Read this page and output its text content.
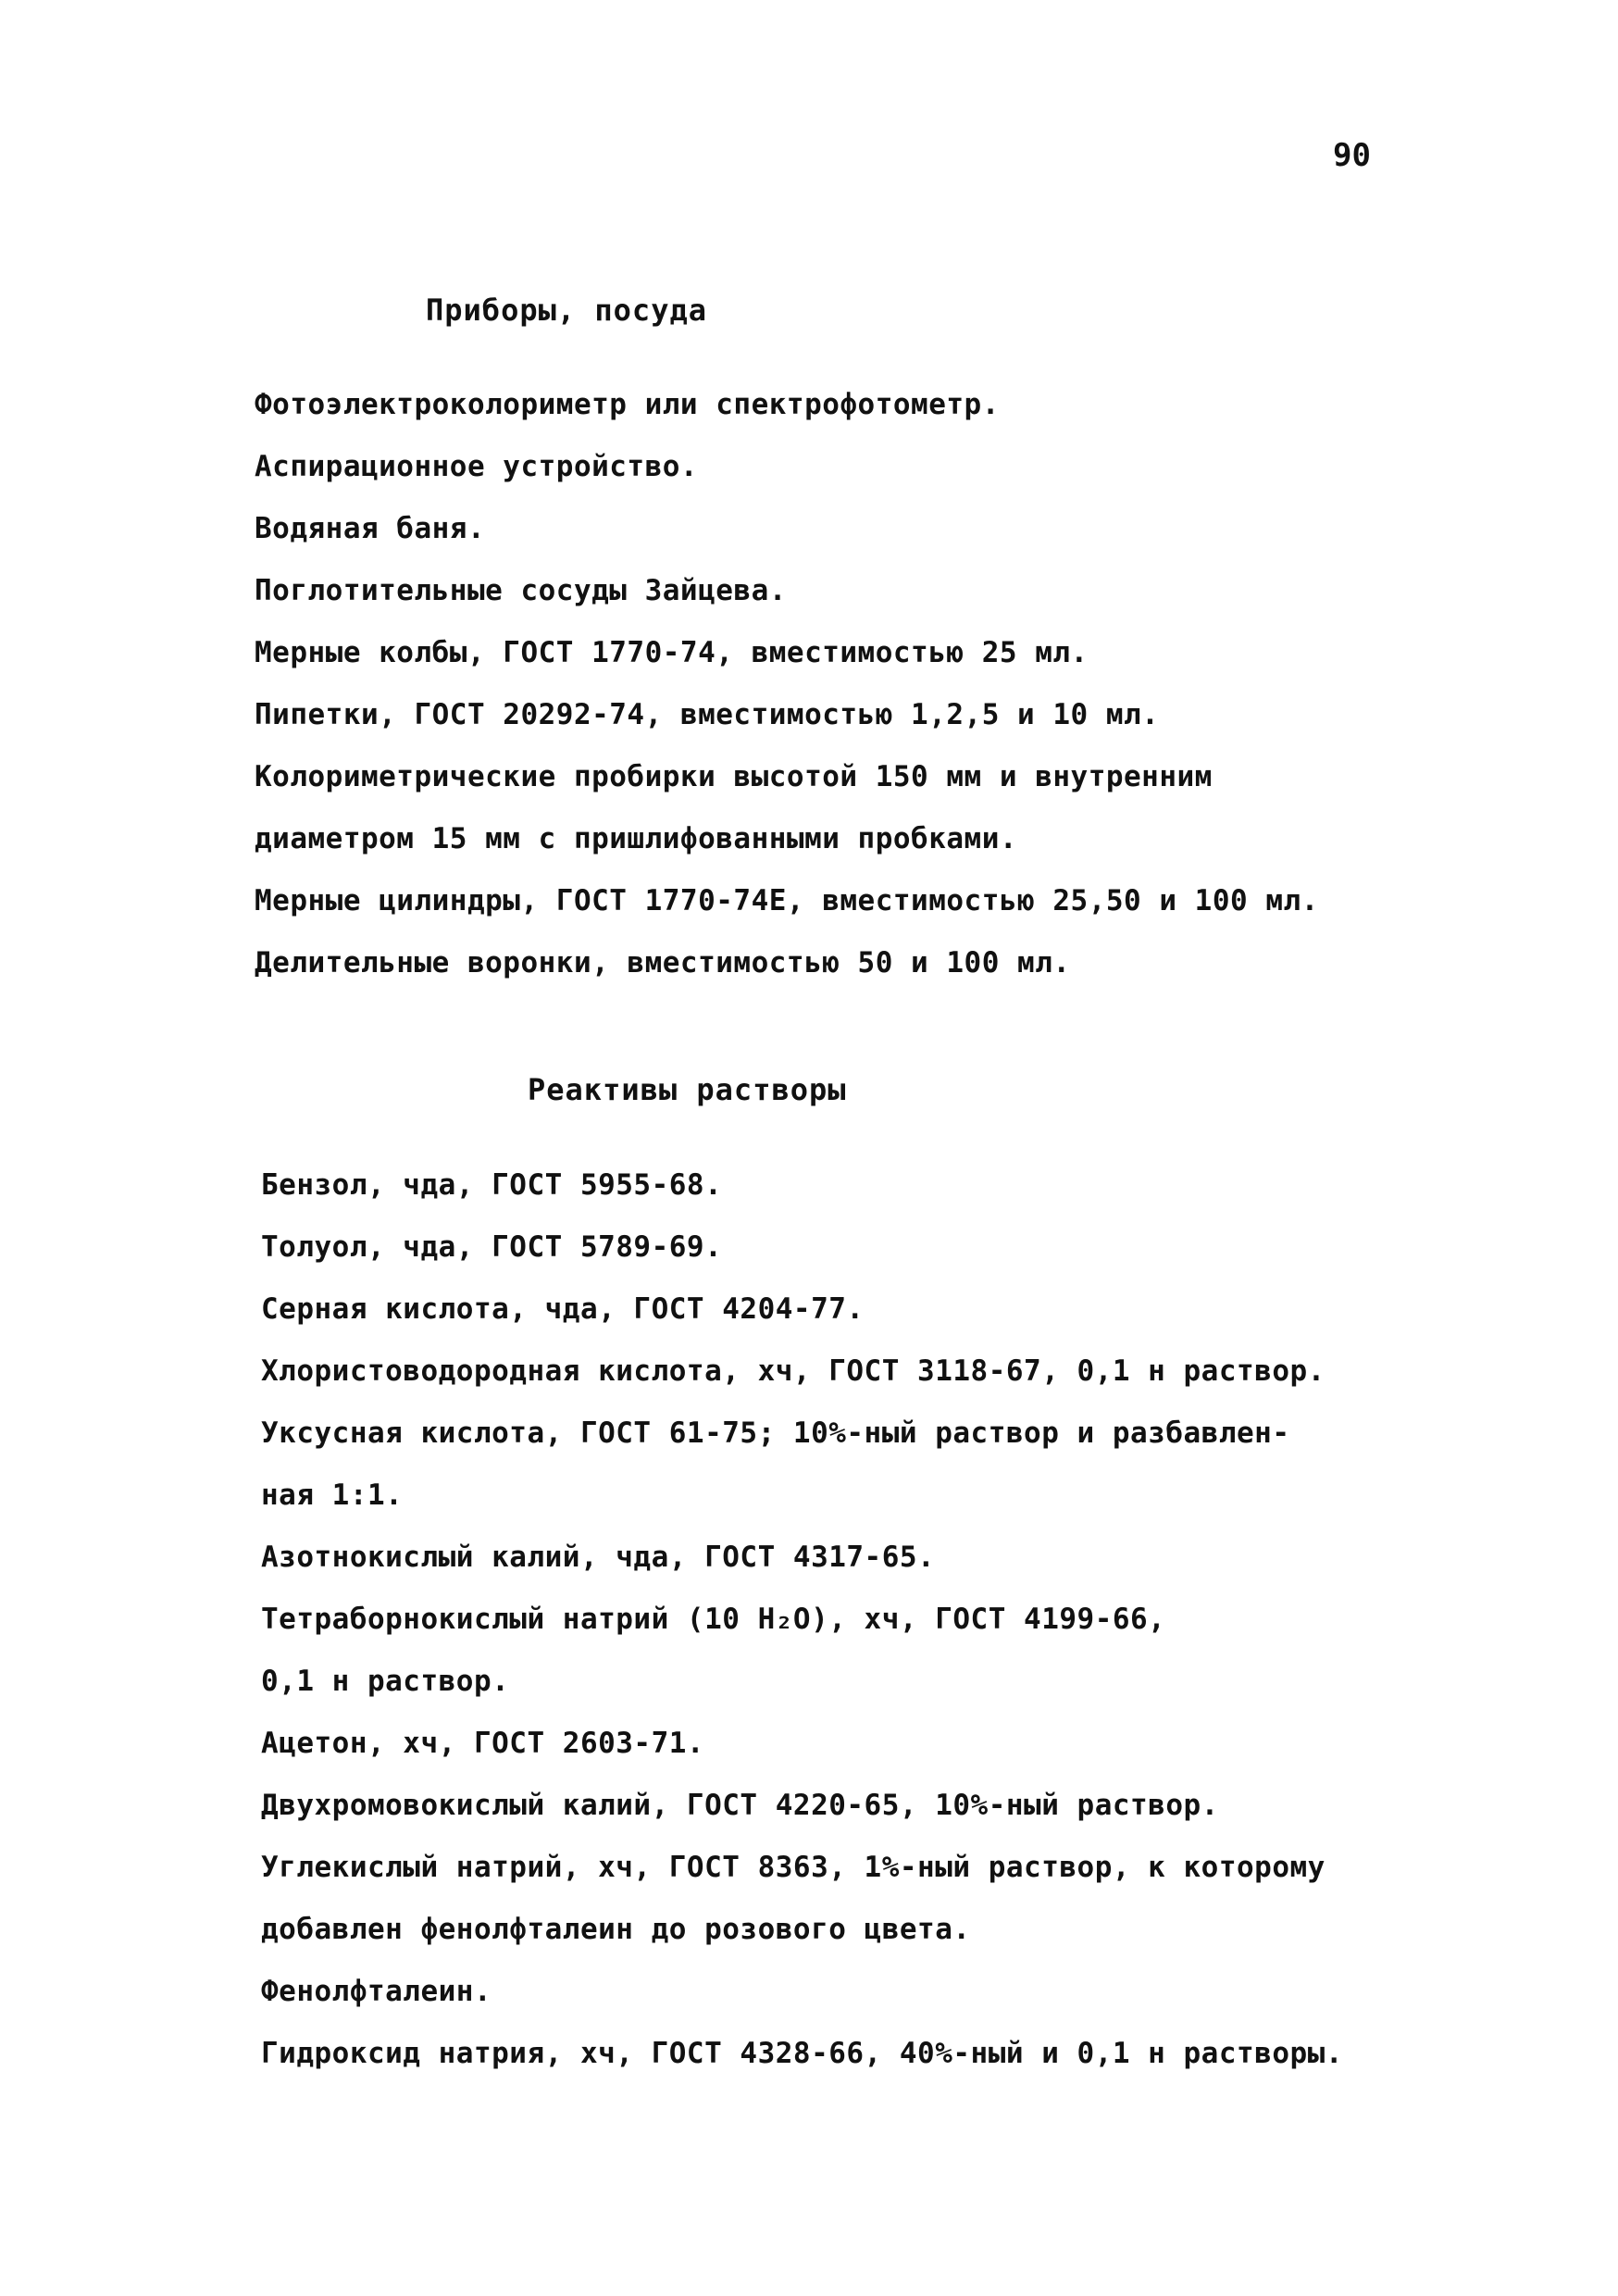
90

Приборы, посуда
Фотоэлектроколориметр или спектрофотометр.
Аспирационное устройство.
Водяная баня.
Поглотительные сосуды Зайцева.
Мерные колбы, ГОСТ 1770-74, вместимостью 25 мл.
Пипетки, ГОСТ 20292-74, вместимостью 1,2,5 и 10 мл.
Колориметрические пробирки высотой 150 мм и внутренним
диаметром 15 мм с пришлифованными пробками.
Мерные цилиндры, ГОСТ 1770-74Е, вместимостью 25,50 и 100 мл.
Делительные воронки, вместимостью 50 и 100 мл.
Реактивы растворы
Бензол, чда, ГОСТ 5955-68.
Толуол, чда, ГОСТ 5789-69.
Серная кислота, чда, ГОСТ 4204-77.
Хлористоводородная кислота, хч, ГОСТ 3118-67, 0,1 н раствор.
Уксусная кислота, ГОСТ 61-75; 10%-ный раствор и разбавлен-
ная 1:1.
Азотнокислый калий, чда, ГОСТ 4317-65.
Тетраборнокислый натрий (10 H₂O), хч, ГОСТ 4199-66,
0,1 н раствор.
Ацетон, хч, ГОСТ 2603-71.
Двухромовокислый калий, ГОСТ 4220-65, 10%-ный раствор.
Углекислый натрий, хч, ГОСТ 8363, 1%-ный раствор, к которому
добавлен фенолфталеин до розового цвета.
Фенолфталеин.
Гидроксид натрия, хч, ГОСТ 4328-66, 40%-ный и 0,1 н растворы.
